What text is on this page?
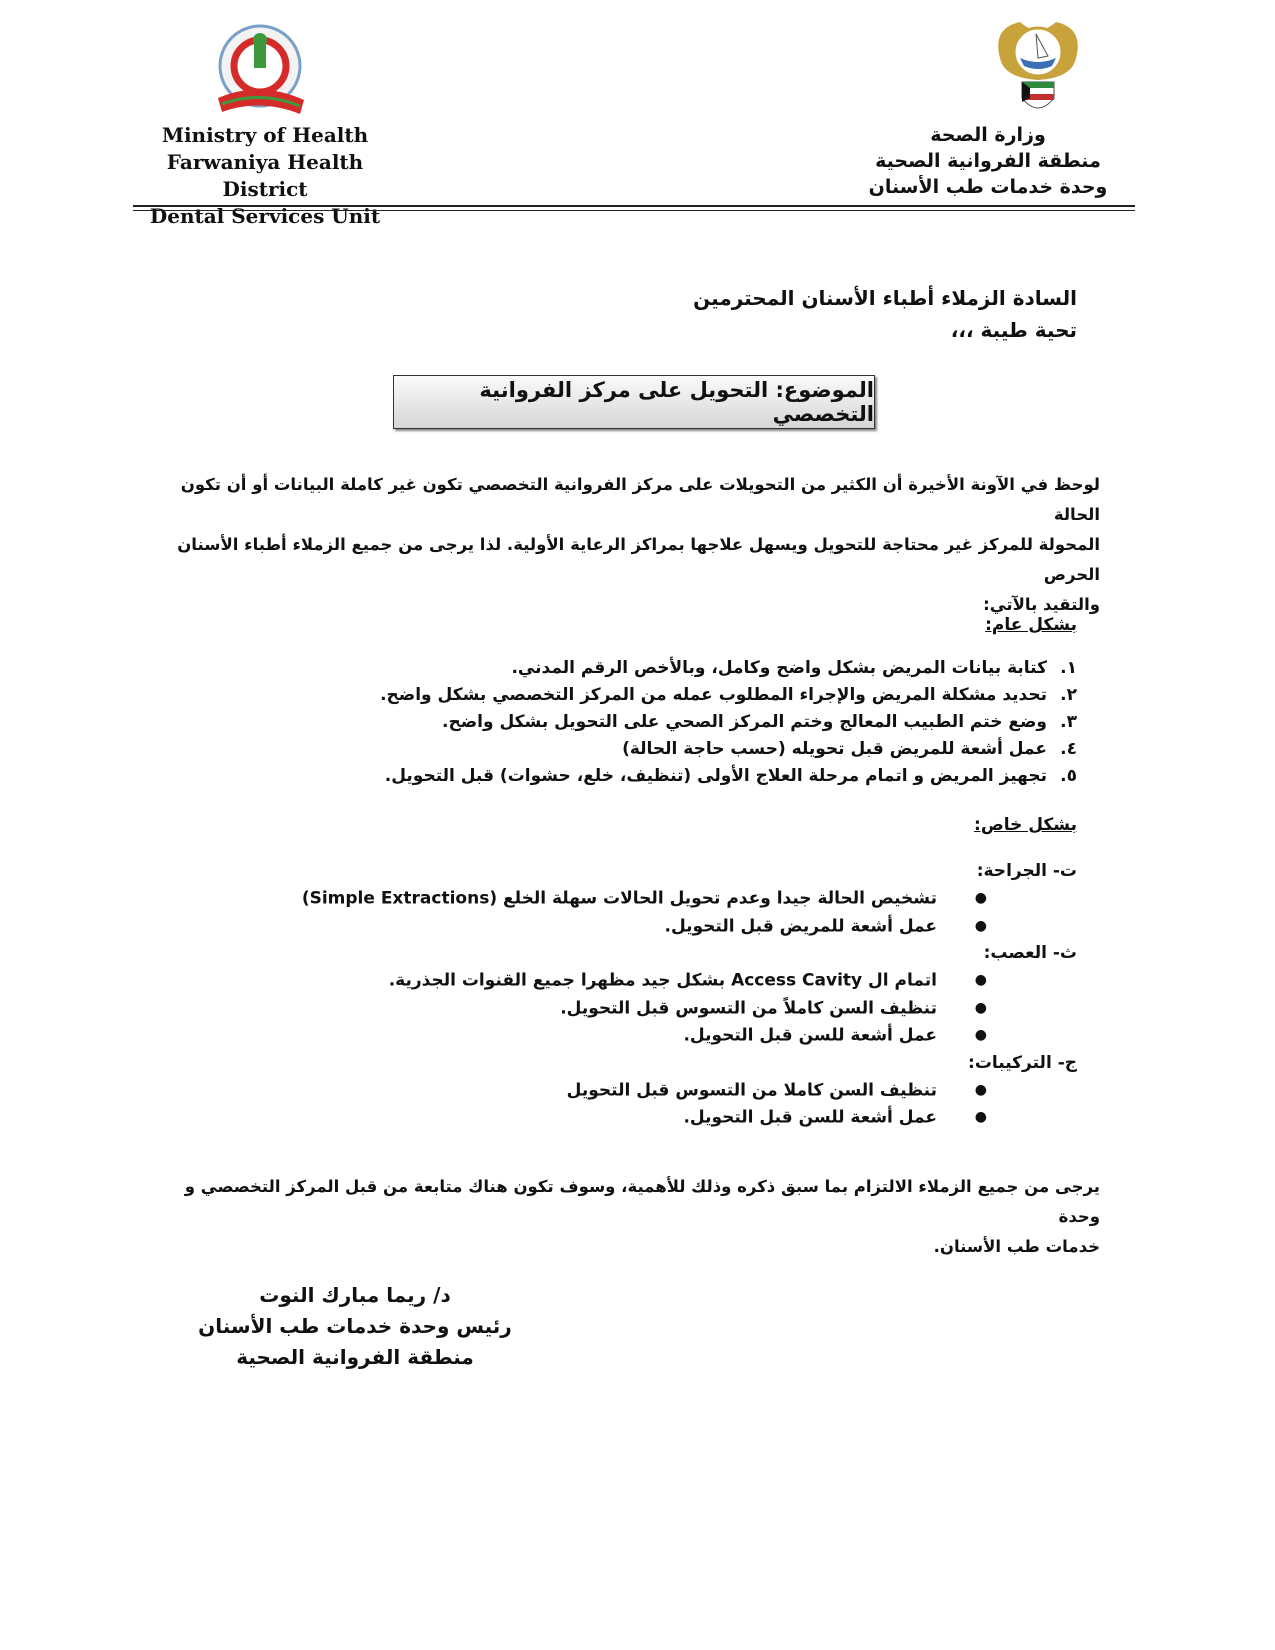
Ministry of Health
Farwaniya Health District
Dental Services Unit
وزارة الصحة
منطقة الفروانية الصحية
وحدة خدمات طب الأسنان
السادة الزملاء أطباء الأسنان المحترمين
تحية طيبة ،،،
الموضوع: التحويل على مركز الفروانية التخصصي
لوحظ في الآونة الأخيرة أن الكثير من التحويلات على مركز الفروانية التخصصي تكون غير كاملة البيانات أو أن تكون الحالة
المحولة للمركز غير محتاجة للتحويل ويسهل علاجها بمراكز الرعاية الأولية. لذا يرجى من جميع الزملاء أطباء الأسنان الحرص
والتقيد بالآتي:
بشكل عام:
١.كتابة بيانات المريض بشكل واضح وكامل، وبالأخص الرقم المدني.
٢.تحديد مشكلة المريض والإجراء المطلوب عمله من المركز التخصصي بشكل واضح.
٣.وضع ختم الطبيب المعالج وختم المركز الصحي على التحويل بشكل واضح.
٤.عمل أشعة للمريض قبل تحويله (حسب حاجة الحالة)
٥.تجهيز المريض و اتمام مرحلة العلاج الأولى (تنظيف، خلع، حشوات) قبل التحويل.
بشكل خاص:
ت- الجراحة:
●تشخيص الحالة جيدا وعدم تحويل الحالات سهلة الخلع (Simple Extractions)
●عمل أشعة للمريض قبل التحويل.
ث- العصب:
●اتمام ال Access Cavity بشكل جيد مظهرا جميع القنوات الجذرية.
●تنظيف السن كاملاً من التسوس قبل التحويل.
●عمل أشعة للسن قبل التحويل.
ج- التركيبات:
●تنظيف السن كاملا من التسوس قبل التحويل
●عمل أشعة للسن قبل التحويل.
يرجى من جميع الزملاء الالتزام بما سبق ذكره وذلك للأهمية، وسوف تكون هناك متابعة من قبل المركز التخصصي و وحدة
خدمات طب الأسنان.
د/ ريما مبارك النوت
رئيس وحدة خدمات طب الأسنان
منطقة الفروانية الصحية
